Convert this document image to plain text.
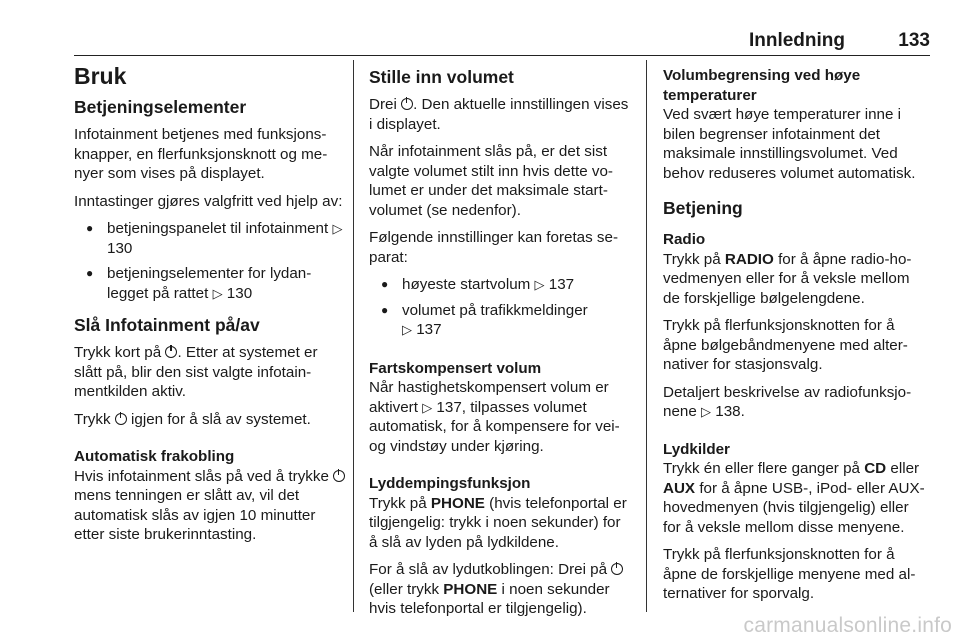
Innledning	133
Bruk
Betjeningselementer

Infotainment betjenes med funksjonsknapper, en flerfunksjonsknott og menyer som vises på displayet.

Inntastinger gjøres valgfritt ved hjelp av:

● betjeningspanelet til infotainment ▷ 130
● betjeningselementer for lydanlegget på rattet ▷ 130
Slå Infotainment på/av

Trykk kort på . Etter at systemet er slått på, blir den sist valgte infotainmentkilden aktiv.

Trykk igjen for å slå av systemet.

Automatisk frakobling

Hvis infotainment slås på ved å trykke  mens tenningen er slått av, vil det automatisk slås av igjen 10 minutter etter siste brukerinntasting.

Stille inn volumet

Drei . Den aktuelle innstillingen vises i displayet.

Når infotainment slås på, er det sist valgte volumet stilt inn hvis dette volumet er under det maksimale startvolumet (se nedenfor).

Følgende innstillinger kan foretas separat:

● høyeste startvolum ▷ 137
● volumet på trafikkmeldinger
▷ 137
Fartskompensert volum

Når hastighetskompensert volum er aktivert ▷ 137, tilpasses volumet automatisk, for å kompensere for veiog vindstøy under kjøring.

Lyddempingsfunksjon

Trykk på PHONE (hvis telefonportal er tilgjengelig: trykk i noen sekunder) for å slå av lyden på lydkildene.

For å slå av lydutkoblingen: Drei på  (eller trykk PHONE i noen sekunder hvis telefonportal er tilgjengelig).

Volumbegrensing ved høye temperaturer

Ved svært høye temperaturer inne i bilen begrenser infotainment det maksimale innstillingsvolumet. Ved behov reduseres volumet automatisk.

Betjening
Radio

Trykk på RADIO for å åpne radio-hovedmenyen eller for å veksle mellom de forskjellige bølgelengdene.

Trykk på flerfunksjonsknotten for å åpne bølgebåndmenyene med alternativer for stasjonsvalg.

Detaljert beskrivelse av radiofunksjonene ▷ 138.

Lydkilder

Trykk én eller flere ganger på CD eller AUX for å åpne USB-, iPod- eller AUX-hovedmenyen (hvis tilgjengelig) eller for å veksle mellom disse menyene.

Trykk på flerfunksjonsknotten for å åpne de forskjellige menyene med alternativer for sporvalg.

carmanualsonline.info
